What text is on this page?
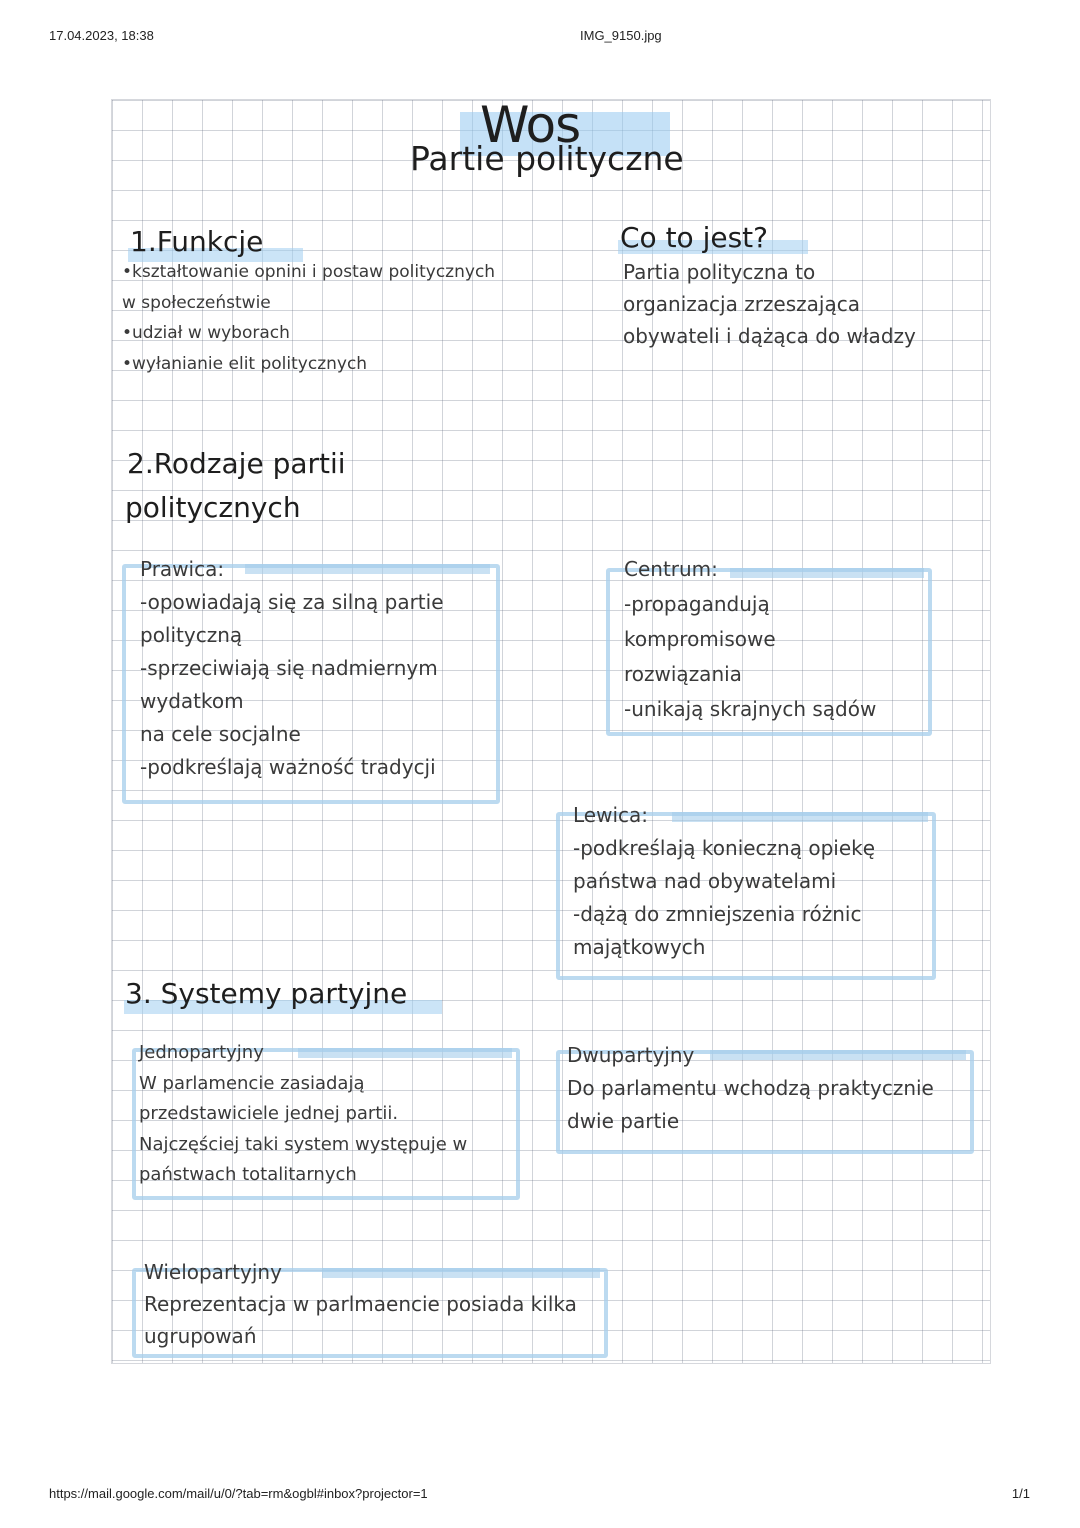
17.04.2023, 18:38	IMG_9150.jpg
https://mail.google.com/mail/u/0/?tab=rm&ogbl#inbox?projector=1	1/1
Wos
Partie polityczne
1.Funkcje
•kształtowanie opnini i postaw politycznych
w społeczeństwie
•udział w wyborach
•wyłanianie elit politycznych
Co to jest?
Partia polityczna to
organizacja zrzeszająca
obywateli i dążąca do władzy
2.Rodzaje partii
politycznych
Prawica:
-opowiadają się za silną partie
polityczną
-sprzeciwiają się nadmiernym
wydatkom
na cele socjalne
-podkreślają ważność tradycji
Centrum:
-propagandują
kompromisowe
rozwiązania
-unikają skrajnych sądów
Lewica:
-podkreślają konieczną opiekę
państwa nad obywatelami
-dążą do zmniejszenia różnic
majątkowych
3. Systemy partyjne
Jednopartyjny
W parlamencie zasiadają
przedstawiciele jednej partii.
Najczęściej taki system występuje w
państwach totalitarnych
Dwupartyjny
Do parlamentu wchodzą praktycznie
dwie partie
Wielopartyjny
Reprezentacja w parlmaencie posiada kilka
ugrupowań
